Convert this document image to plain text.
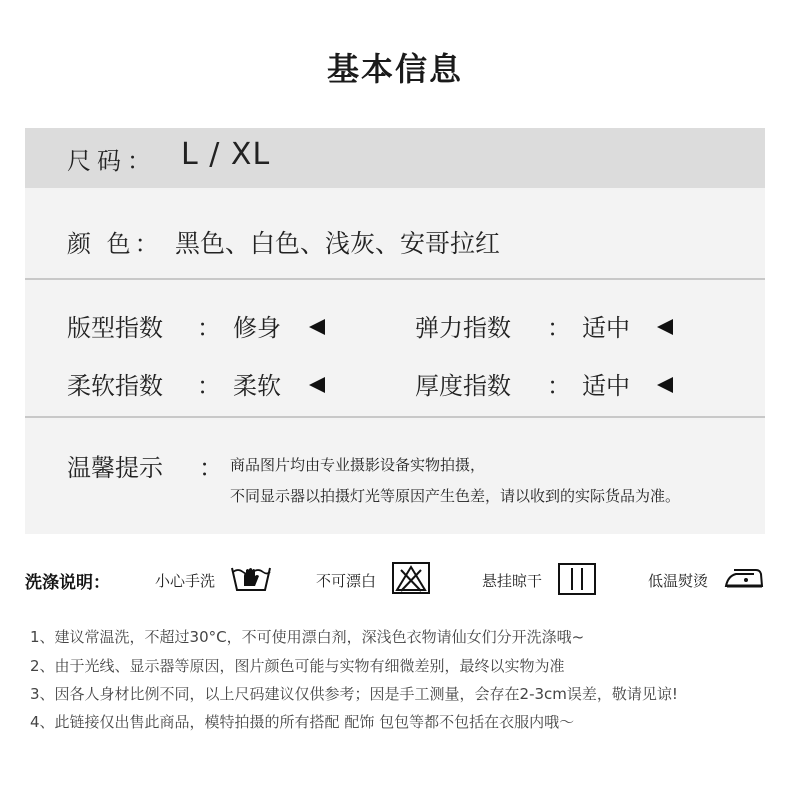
基本信息
尺码： L / XL
颜 色： 黑色、白色、浅灰、安哥拉红
版型指数 ： 修身	弹力指数 ： 适中
柔软指数 ： 柔软	厚度指数 ： 适中
温馨提示 ： 商品图片均由专业摄影设备实物拍摄，
不同显示器以拍摄灯光等原因产生色差，请以收到的实际货品为准。
洗涤说明：	小心手洗	不可漂白	悬挂晾干	低温熨烫
1、建议常温洗，不超过30°C，不可使用漂白剂，深浅色衣物请仙女们分开洗涤哦~
2、由于光线、显示器等原因，图片颜色可能与实物有细微差别，最终以实物为准
3、因各人身材比例不同，以上尺码建议仅供参考；因是手工测量，会存在2-3cm误差，敬请见谅!
4、此链接仅出售此商品，模特拍摄的所有搭配 配饰 包包等都不包括在衣服内哦～
